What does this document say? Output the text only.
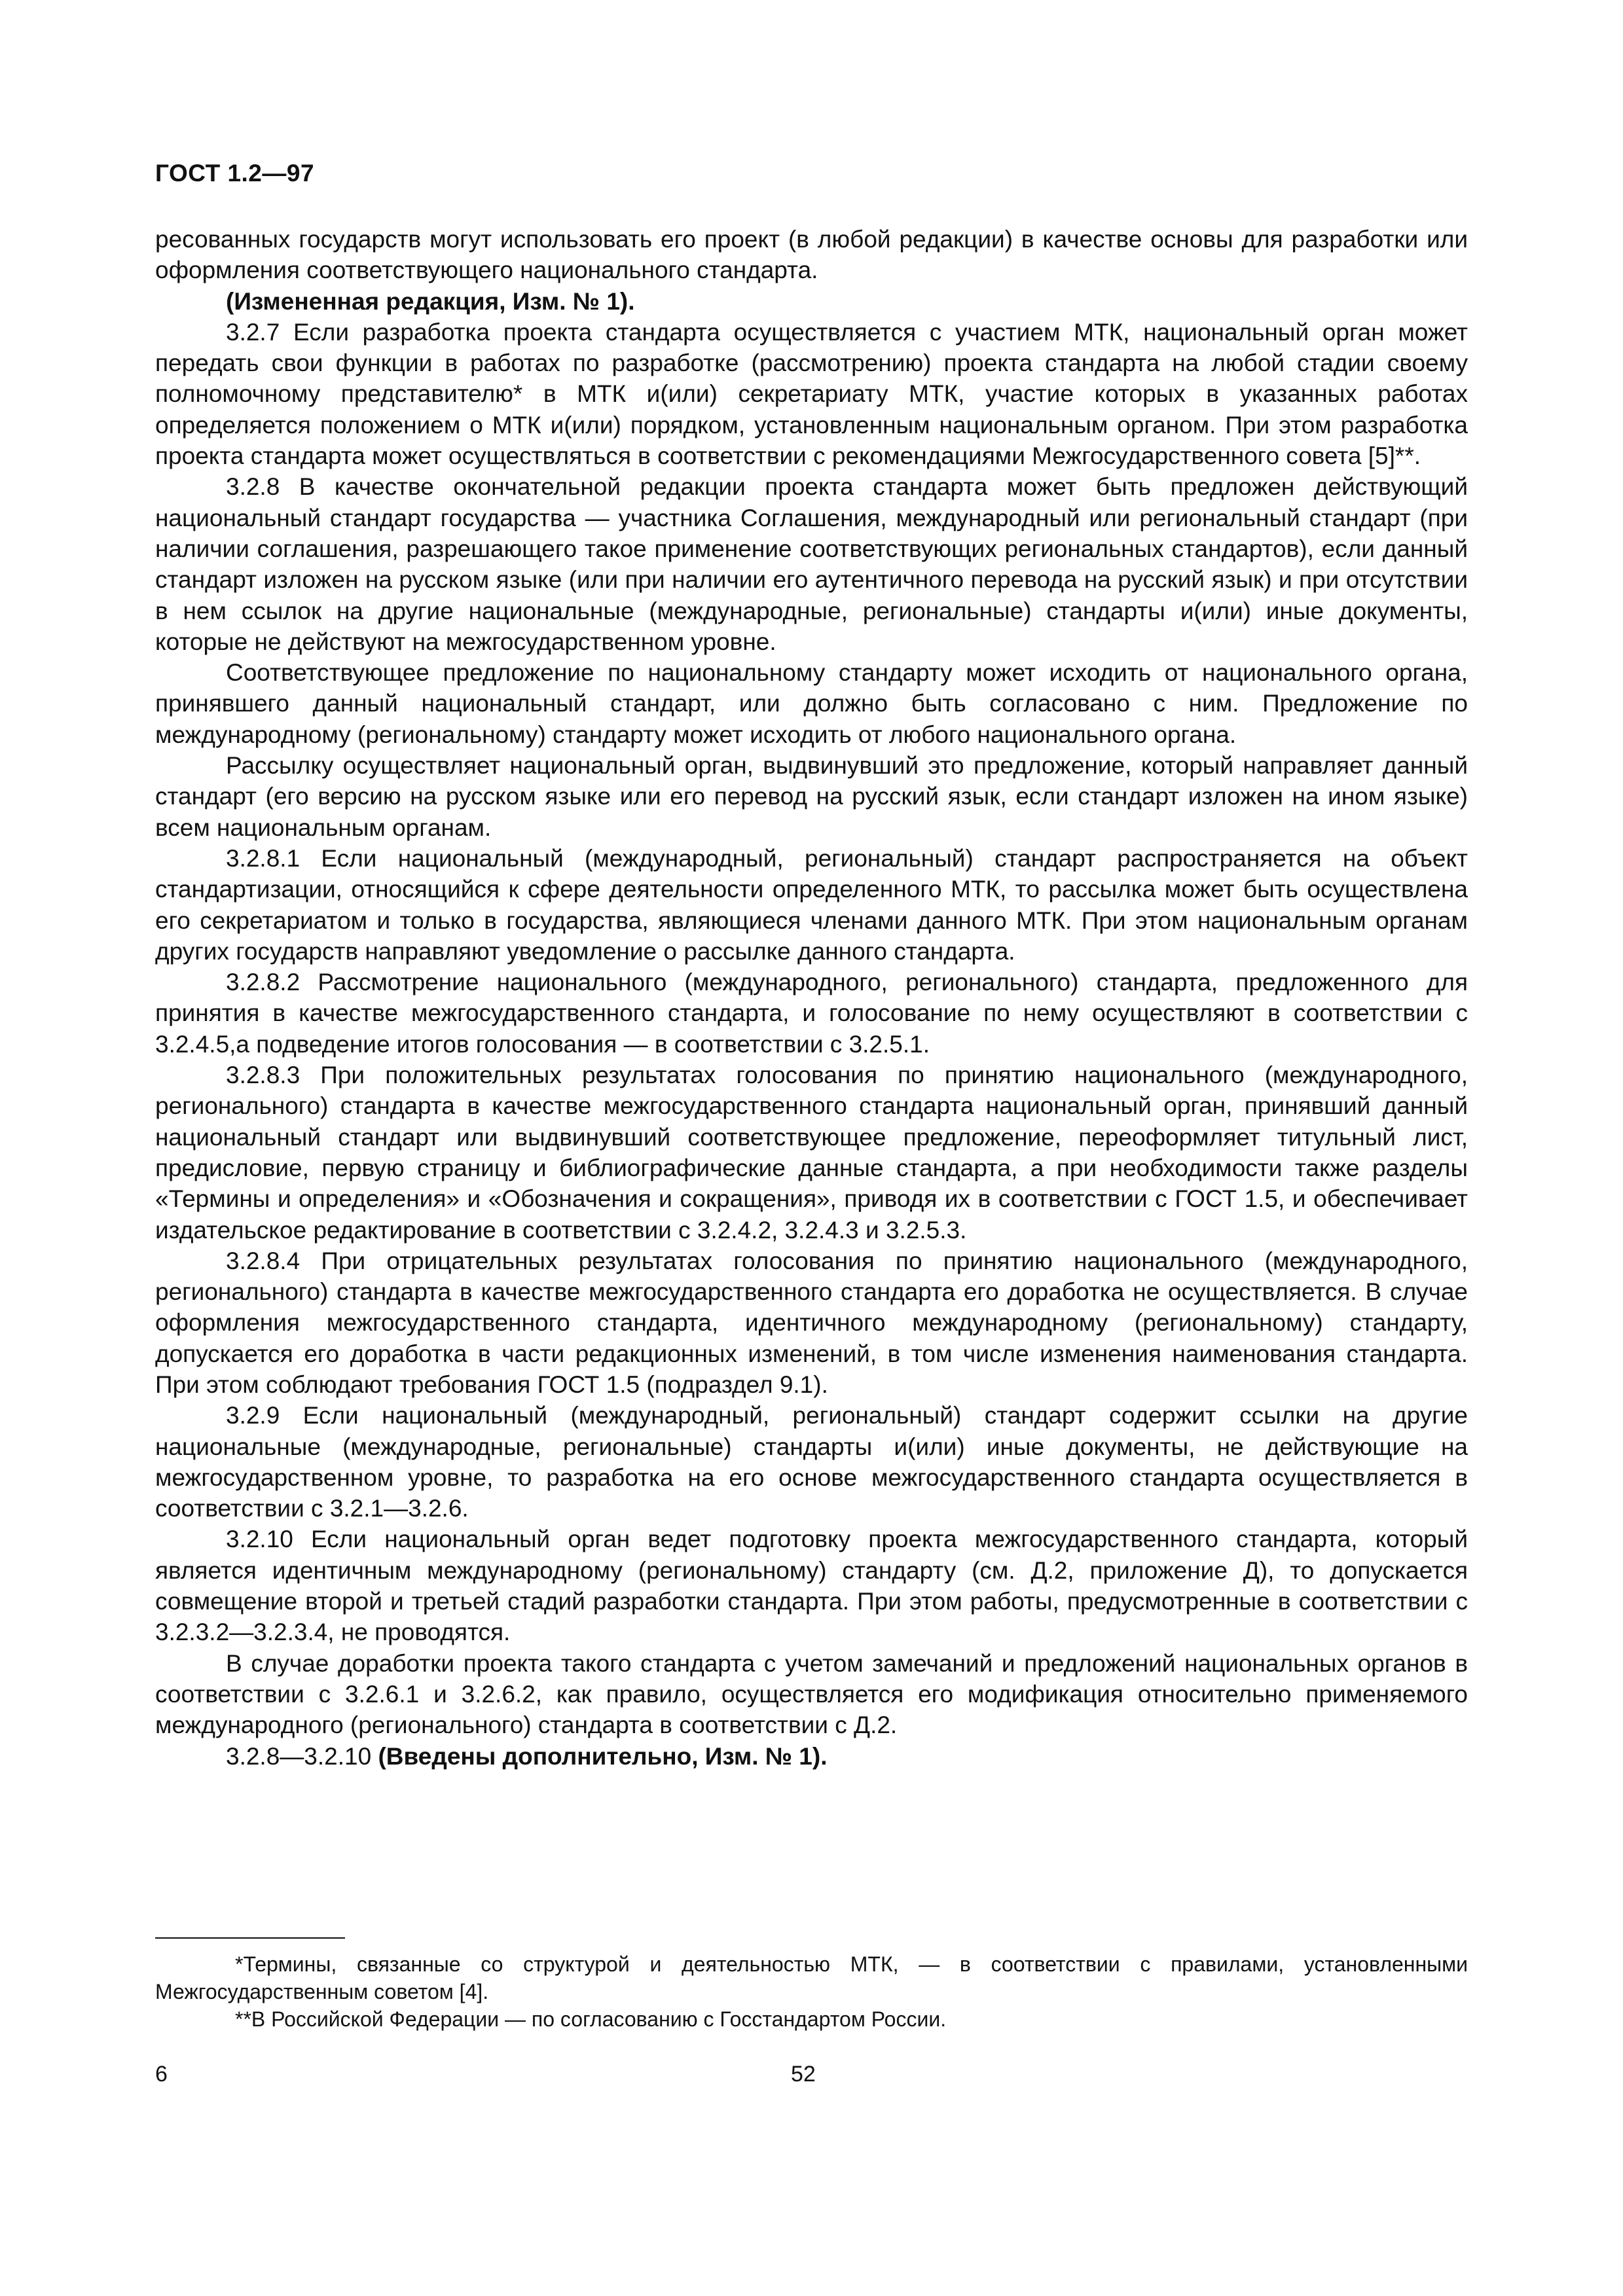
ГОСТ 1.2—97

ресованных государств могут использовать его проект (в любой редакции) в качестве основы для разработки или оформления соответствующего национального стандарта.

(Измененная редакция, Изм. № 1).

3.2.7 Если разработка проекта стандарта осуществляется с участием МТК, национальный орган может передать свои функции в работах по разработке (рассмотрению) проекта стандарта на любой стадии своему полномочному представителю* в МТК и(или) секретариату МТК, участие которых в указанных работах определяется положением о МТК и(или) порядком, установленным национальным органом. При этом разработка проекта стандарта может осуществляться в соответствии с рекомендациями Межгосударственного совета [5]**.

3.2.8 В качестве окончательной редакции проекта стандарта может быть предложен действующий национальный стандарт государства — участника Соглашения, международный или региональный стандарт (при наличии соглашения, разрешающего такое применение соответствующих региональных стандартов), если данный стандарт изложен на русском языке (или при наличии его аутентичного перевода на русский язык) и при отсутствии в нем ссылок на другие национальные (международные, региональные) стандарты и(или) иные документы, которые не действуют на межгосударственном уровне.

Соответствующее предложение по национальному стандарту может исходить от национального органа, принявшего данный национальный стандарт, или должно быть согласовано с ним. Предложение по международному (региональному) стандарту может исходить от любого национального органа.

Рассылку осуществляет национальный орган, выдвинувший это предложение, который направляет данный стандарт (его версию на русском языке или его перевод на русский язык, если стандарт изложен на ином языке) всем национальным органам.

3.2.8.1 Если национальный (международный, региональный) стандарт распространяется на объект стандартизации, относящийся к сфере деятельности определенного МТК, то рассылка может быть осуществлена его секретариатом и только в государства, являющиеся членами данного МТК. При этом национальным органам других государств направляют уведомление о рассылке данного стандарта.

3.2.8.2 Рассмотрение национального (международного, регионального) стандарта, предложенного для принятия в качестве межгосударственного стандарта, и голосование по нему осуществляют в соответствии с 3.2.4.5,а подведение итогов голосования — в соответствии с 3.2.5.1.

3.2.8.3 При положительных результатах голосования по принятию национального (международного, регионального) стандарта в качестве межгосударственного стандарта национальный орган, принявший данный национальный стандарт или выдвинувший соответствующее предложение, переоформляет титульный лист, предисловие, первую страницу и библиографические данные стандарта, а при необходимости также разделы «Термины и определения» и «Обозначения и сокращения», приводя их в соответствии с ГОСТ 1.5, и обеспечивает издательское редактирование в соответствии с 3.2.4.2, 3.2.4.3 и 3.2.5.3.

3.2.8.4 При отрицательных результатах голосования по принятию национального (международного, регионального) стандарта в качестве межгосударственного стандарта его доработка не осуществляется. В случае оформления межгосударственного стандарта, идентичного международному (региональному) стандарту, допускается его доработка в части редакционных изменений, в том числе изменения наименования стандарта. При этом соблюдают требования ГОСТ 1.5 (подраздел 9.1).

3.2.9 Если национальный (международный, региональный) стандарт содержит ссылки на другие национальные (международные, региональные) стандарты и(или) иные документы, не действующие на межгосударственном уровне, то разработка на его основе межгосударственного стандарта осуществляется в соответствии с 3.2.1—3.2.6.

3.2.10 Если национальный орган ведет подготовку проекта межгосударственного стандарта, который является идентичным международному (региональному) стандарту (см. Д.2, приложение Д), то допускается совмещение второй и третьей стадий разработки стандарта. При этом работы, предусмотренные в соответствии с 3.2.3.2—3.2.3.4, не проводятся.

В случае доработки проекта такого стандарта с учетом замечаний и предложений национальных органов в соответствии с 3.2.6.1 и 3.2.6.2, как правило, осуществляется его модификация относительно применяемого международного (регионального) стандарта в соответствии с Д.2.

3.2.8—3.2.10 (Введены дополнительно, Изм. № 1).

*Термины, связанные со структурой и деятельностью МТК, — в соответствии с правилами, установленными Межгосударственным советом [4].

**В Российской Федерации — по согласованию с Госстандартом России.

6	52
